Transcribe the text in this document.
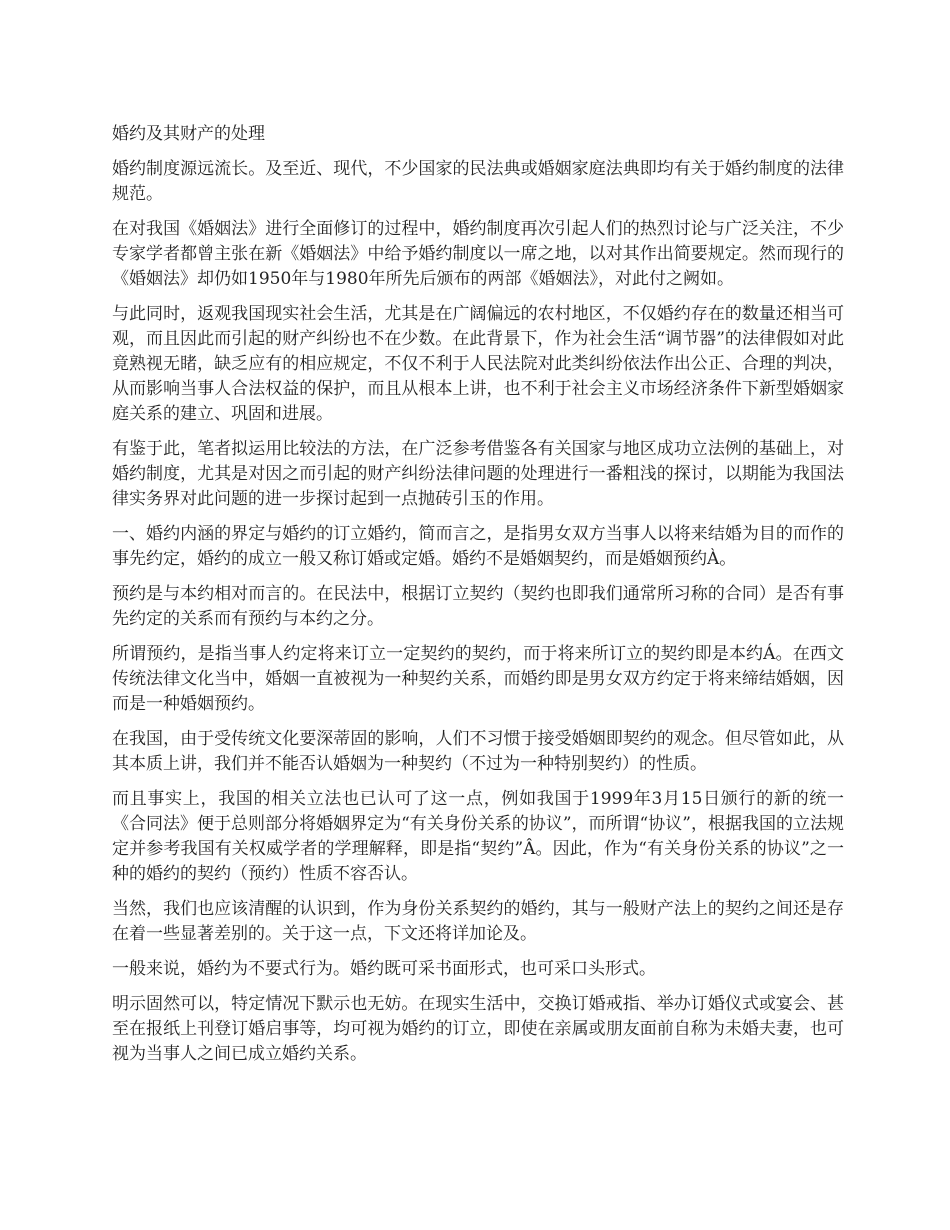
婚约及其财产的处理

婚约制度源远流长。及至近、现代，不少国家的民法典或婚姻家庭法典即均有关于婚约制度的法律规范。

在对我国《婚姻法》进行全面修订的过程中，婚约制度再次引起人们的热烈讨论与广泛关注，不少专家学者都曾主张在新《婚姻法》中给予婚约制度以一席之地，以对其作出简要规定。然而现行的《婚姻法》却仍如1950年与1980年所先后颁布的两部《婚姻法》，对此付之阙如。

与此同时，返观我国现实社会生活，尤其是在广阔偏远的农村地区，不仅婚约存在的数量还相当可观，而且因此而引起的财产纠纷也不在少数。在此背景下，作为社会生活“调节器”的法律假如对此竟熟视无睹，缺乏应有的相应规定，不仅不利于人民法院对此类纠纷依法作出公正、合理的判决，从而影响当事人合法权益的保护，而且从根本上讲，也不利于社会主义市场经济条件下新型婚姻家庭关系的建立、巩固和进展。

有鉴于此，笔者拟运用比较法的方法，在广泛参考借鉴各有关国家与地区成功立法例的基础上，对婚约制度，尤其是对因之而引起的财产纠纷法律问题的处理进行一番粗浅的探讨，以期能为我国法律实务界对此问题的进一步探讨起到一点抛砖引玉的作用。

一、婚约内涵的界定与婚约的订立婚约，简而言之，是指男女双方当事人以将来结婚为目的而作的事先约定，婚约的成立一般又称订婚或定婚。婚约不是婚姻契约，而是婚姻预约À。

预约是与本约相对而言的。在民法中，根据订立契约（契约也即我们通常所习称的合同）是否有事先约定的关系而有预约与本约之分。

所谓预约，是指当事人约定将来订立一定契约的契约，而于将来所订立的契约即是本约Á。在西文传统法律文化当中，婚姻一直被视为一种契约关系，而婚约即是男女双方约定于将来缔结婚姻，因而是一种婚姻预约。

在我国，由于受传统文化要深蒂固的影响，人们不习惯于接受婚姻即契约的观念。但尽管如此，从其本质上讲，我们并不能否认婚姻为一种契约（不过为一种特别契约）的性质。

而且事实上，我国的相关立法也已认可了这一点，例如我国于1999年3月15日颁行的新的统一《合同法》便于总则部分将婚姻界定为“有关身份关系的协议”，而所谓“协议”，根据我国的立法规定并参考我国有关权威学者的学理解释，即是指“契约”Â。因此，作为“有关身份关系的协议”之一种的婚约的契约（预约）性质不容否认。

当然，我们也应该清醒的认识到，作为身份关系契约的婚约，其与一般财产法上的契约之间还是存在着一些显著差别的。关于这一点，下文还将详加论及。

一般来说，婚约为不要式行为。婚约既可采书面形式，也可采口头形式。

明示固然可以，特定情况下默示也无妨。在现实生活中，交换订婚戒指、举办订婚仪式或宴会、甚至在报纸上刊登订婚启事等，均可视为婚约的订立，即使在亲属或朋友面前自称为未婚夫妻，也可视为当事人之间已成立婚约关系。
